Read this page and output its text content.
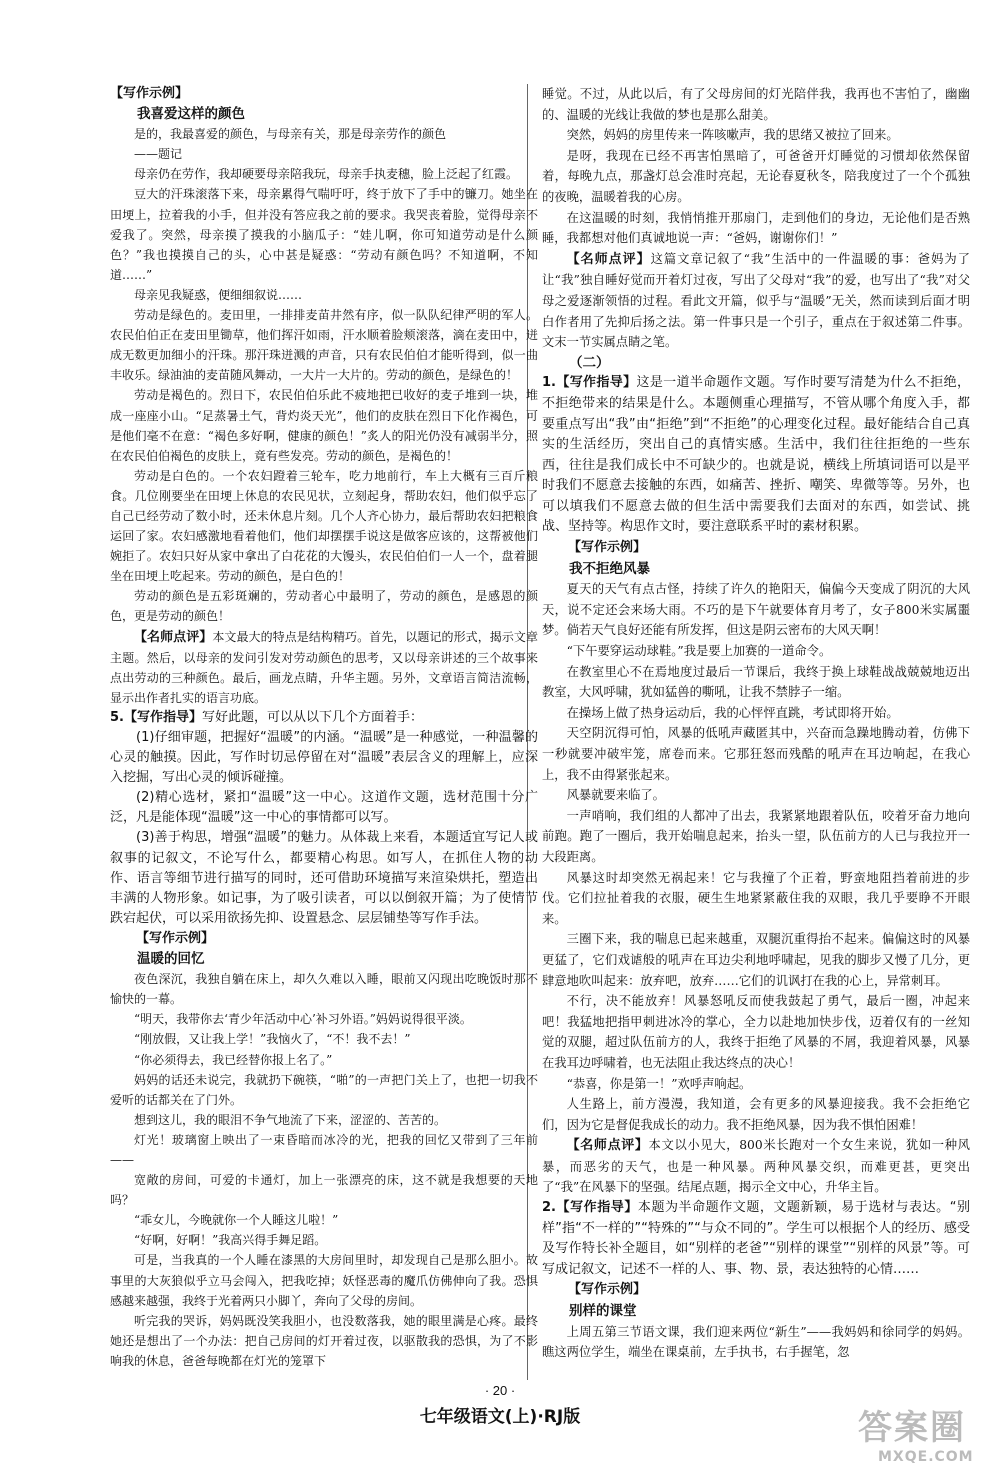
【写作示例】

我喜爱这样的颜色

是的，我最喜爱的颜色，与母亲有关，那是母亲劳作的颜色

——题记

母亲仍在劳作，我却硬要母亲陪我玩，母亲手执麦穗，脸上泛起了红霞。

豆大的汗珠滚落下来，母亲累得气喘吁吁，终于放下了手中的镰刀。她坐在田埂上，拉着我的小手，但并没有答应我之前的要求。我哭丧着脸，觉得母亲不爱我了。突然，母亲摸了摸我的小脑瓜子：“娃儿啊，你可知道劳动是什么颜色？”我也摸摸自己的头，心中甚是疑惑：“劳动有颜色吗？不知道啊，不知道……”

母亲见我疑惑，便细细叙说……

劳动是绿色的。麦田里，一排排麦苗井然有序，似一队队纪律严明的军人。农民伯伯正在麦田里锄草，他们挥汗如雨，汗水顺着脸颊滚落，滴在麦田中，迸成无数更加细小的汗珠。那汗珠迸溅的声音，只有农民伯伯才能听得到，似一曲丰收乐。绿油油的麦苗随风舞动，一大片一大片的。劳动的颜色，是绿色的！

劳动是褐色的。烈日下，农民伯伯乐此不疲地把已收好的麦子堆到一块，堆成一座座小山。“足蒸暑土气，背灼炎天光”，他们的皮肤在烈日下化作褐色，可是他们毫不在意：“褐色多好啊，健康的颜色！”炙人的阳光仍没有减弱半分，照在农民伯伯褐色的皮肤上，竟有些发亮。劳动的颜色，是褐色的！

劳动是白色的。一个农妇蹬着三轮车，吃力地前行，车上大概有三百斤粮食。几位刚要坐在田埂上休息的农民见状，立刻起身，帮助农妇，他们似乎忘了自己已经劳动了数小时，还未休息片刻。几个人齐心协力，最后帮助农妇把粮食运回了家。农妇感激地看着他们，他们却摆摆手说这是做客应该的，这帮被他们婉拒了。农妇只好从家中拿出了白花花的大馒头，农民伯伯们一人一个，盘着腿坐在田埂上吃起来。劳动的颜色，是白色的！

劳动的颜色是五彩斑斓的，劳动者心中最明了，劳动的颜色，是感恩的颜色，更是劳动的颜色！

【名师点评】本文最大的特点是结构精巧。首先，以题记的形式，揭示文章主题。然后，以母亲的发问引发对劳动颜色的思考，又以母亲讲述的三个故事来点出劳动的三种颜色。最后，画龙点睛，升华主题。另外，文章语言简洁流畅，显示出作者扎实的语言功底。

5.【写作指导】写好此题，可以从以下几个方面着手：

(1)仔细审题，把握好“温暖”的内涵。“温暖”是一种感觉，一种温馨的心灵的触摸。因此，写作时切忌停留在对“温暖”表层含义的理解上，应深入挖掘，写出心灵的倾诉碰撞。

(2)精心选材，紧扣“温暖”这一中心。这道作文题，选材范围十分广泛，凡是能体现“温暖”这一中心的事情都可以写。

(3)善于构思，增强“温暖”的魅力。从体裁上来看，本题适宜写记人或叙事的记叙文，不论写什么，都要精心构思。如写人，在抓住人物的动作、语言等细节进行描写的同时，还可借助环境描写来渲染烘托，塑造出丰满的人物形象。如记事，为了吸引读者，可以以倒叙开篇；为了使情节跌宕起伏，可以采用欲扬先抑、设置悬念、层层铺垫等写作手法。

【写作示例】

温暖的回忆

夜色深沉，我独自躺在床上，却久久难以入睡，眼前又闪现出吃晚饭时那不愉快的一幕。

“明天，我带你去‘青少年活动中心’补习外语。”妈妈说得很平淡。

“刚放假，又让我上学！”我恼火了，“不！我不去！”

“你必须得去，我已经替你报上名了。”

妈妈的话还未说完，我就扔下碗筷，“啪”的一声把门关上了，也把一切我不爱听的话都关在了门外。

想到这儿，我的眼泪不争气地流了下来，涩涩的、苦苦的。

灯光！玻璃窗上映出了一束昏暗而冰冷的光，把我的回忆又带到了三年前——

宽敞的房间，可爱的卡通灯，加上一张漂亮的床，这不就是我想要的天地吗？

“乖女儿，今晚就你一个人睡这儿啦！”

“好啊，好啊！”我高兴得手舞足蹈。

可是，当我真的一个人睡在漆黑的大房间里时，却发现自己是那么胆小。故事里的大灰狼似乎立马会闯入，把我吃掉；妖怪恶毒的魔爪仿佛伸向了我。恐惧感越来越强，我终于光着两只小脚丫，奔向了父母的房间。

听完我的哭诉，妈妈既没笑我胆小，也没数落我，她的眼里满是心疼。最终她还是想出了一个办法：把自己房间的灯开着过夜，以驱散我的恐惧，为了不影响我的休息，爸爸每晚都在灯光的笼罩下

睡觉。不过，从此以后，有了父母房间的灯光陪伴我，我再也不害怕了，幽幽的、温暖的光线让我做的梦也是那么甜美。

突然，妈妈的房里传来一阵咳嗽声，我的思绪又被拉了回来。

是呀，我现在已经不再害怕黑暗了，可爸爸开灯睡觉的习惯却依然保留着，每晚九点，那盏灯总会准时亮起，无论春夏秋冬，陪我度过了一个个孤独的夜晚，温暖着我的心房。

在这温暖的时刻，我悄悄推开那扇门，走到他们的身边，无论他们是否熟睡，我都想对他们真诚地说一声：“爸妈，谢谢你们！”

【名师点评】这篇文章记叙了“我”生活中的一件温暖的事：爸妈为了让“我”独自睡好觉而开着灯过夜，写出了父母对“我”的爱，也写出了“我”对父母之爱逐渐领悟的过程。看此文开篇，似乎与“温暖”无关，然而读到后面才明白作者用了先抑后扬之法。第一件事只是一个引子，重点在于叙述第二件事。文末一节实属点睛之笔。

（二）

1.【写作指导】这是一道半命题作文题。写作时要写清楚为什么不拒绝，不拒绝带来的结果是什么。本题侧重心理描写，不管从哪个角度入手，都要重点写出“我”由“拒绝”到“不拒绝”的心理变化过程。最好能结合自己真实的生活经历，突出自己的真情实感。生活中，我们往往拒绝的一些东西，往往是我们成长中不可缺少的。也就是说，横线上所填词语可以是平时我们不愿意去接触的东西，如痛苦、挫折、嘲笑、卑微等等。另外，也可以填我们不愿意去做的但生活中需要我们去面对的东西，如尝试、挑战、坚持等。构思作文时，要注意联系平时的素材积累。

【写作示例】

我不拒绝风暴

夏天的天气有点古怪，持续了许久的艳阳天，偏偏今天变成了阴沉的大风天，说不定还会来场大雨。不巧的是下午就要体育月考了，女子800米实属噩梦。倘若天气良好还能有所发挥，但这是阴云密布的大风天啊！

“下午要穿运动球鞋。”我是要上加赛的一道命令。

在教室里心不在焉地度过最后一节课后，我终于换上球鞋战战兢兢地迈出教室，大风呼啸，犹如猛兽的嘶吼，让我不禁脖子一缩。

在操场上做了热身运动后，我的心怦怦直跳，考试即将开始。

天空阴沉得可怕，风暴的低吼声藏匿其中，兴奋而急躁地腾动着，仿佛下一秒就要冲破牢笼，席卷而来。它那狂怒而残酷的吼声在耳边响起，在我心上，我不由得紧张起来。

风暴就要来临了。

一声哨响，我们组的人都冲了出去，我紧紧地跟着队伍，咬着牙奋力地向前跑。跑了一圈后，我开始喘息起来，抬头一望，队伍前方的人已与我拉开一大段距离。

风暴这时却突然无祸起来！它与我撞了个正着，野蛮地阻挡着前进的步伐。它们拉扯着我的衣服，硬生生地紧紧蔽住我的双眼，我几乎要睁不开眼来。

三圈下来，我的喘息已起来越重，双腿沉重得抬不起来。偏偏这时的风暴更猛了，它们戏谑般的吼声在耳边尖利地呼啸起，见我的脚步又慢了几分，更肆意地吹叫起来：放弃吧，放弃……它们的讥讽打在我的心上，异常刺耳。

不行，决不能放弃！风暴怒吼反而使我鼓起了勇气，最后一圈，冲起来吧！我猛地把指甲刺进冰冷的掌心，全力以赴地加快步伐，迈着仅有的一丝知觉的双腿，超过队伍前方的人，我终于拒绝了风暴的不屑，我迎着风暴，风暴在我耳边呼啸着，也无法阻止我达终点的决心！

“恭喜，你是第一！”欢呼声响起。

人生路上，前方漫漫，我知道，会有更多的风暴迎接我。我不会拒绝它们，因为它是督促我成长的动力。我不拒绝风暴，因为我不惧怕困难！

【名师点评】本文以小见大，800米长跑对一个女生来说，犹如一种风暴，而恶劣的天气，也是一种风暴。两种风暴交织，而难更甚，更突出了“我”在风暴下的坚强。结尾点题，揭示全文中心，升华主旨。

2.【写作指导】本题为半命题作文题，文题新颖，易于选材与表达。“别样”指“不一样的”“特殊的”“与众不同的”。学生可以根据个人的经历、感受及写作特长补全题目，如“别样的老爸”“别样的课堂”“别样的风景”等。可写成记叙文，记述不一样的人、事、物、景，表达独特的心情……

【写作示例】

别样的课堂

上周五第三节语文课，我们迎来两位“新生”——我妈妈和徐同学的妈妈。瞧这两位学生，端坐在课桌前，左手执书，右手握笔，忽

· 20 ·
七年级语文(上)·RJ版	答案圈
MXQE.COM
